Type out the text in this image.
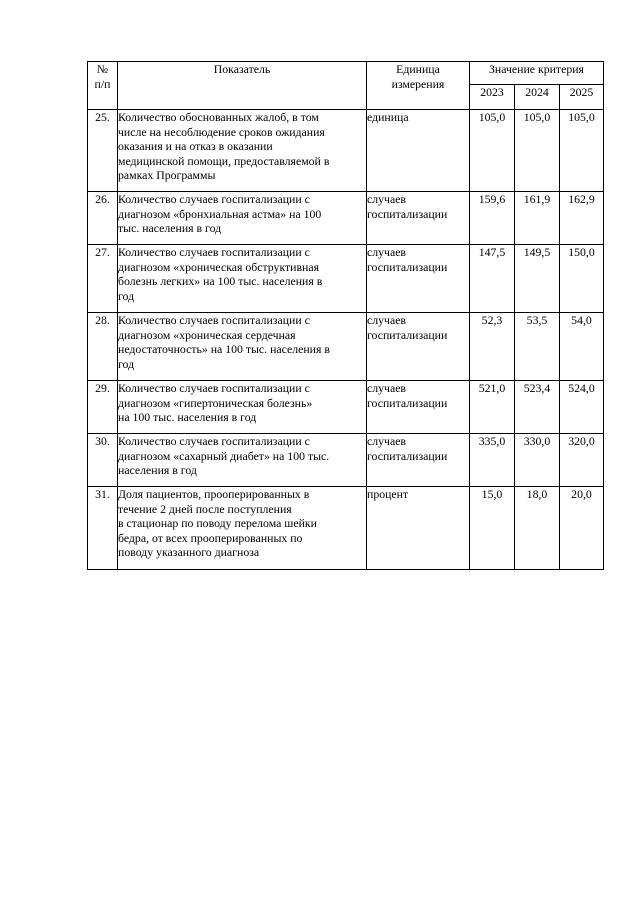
№
п/п	Показатель	Единица
измерения	Значение критерия		
			2023	2024	2025
25.	Количество обоснованных жалоб, в том
числе на несоблюдение сроков ожидания
оказания и на отказ в оказании
медицинской помощи, предоставляемой в
рамках Программы	единица	105,0	105,0	105,0
26.	Количество случаев госпитализации с
диагнозом «бронхиальная астма» на 100
тыс. населения в год	случаев
госпитализации	159,6	161,9	162,9
27.	Количество случаев госпитализации с
диагнозом «хроническая обструктивная
болезнь легких» на 100 тыс. населения в
год	случаев
госпитализации	147,5	149,5	150,0
28.	Количество случаев госпитализации с
диагнозом «хроническая сердечная
недостаточность» на 100 тыс. населения в
год	случаев
госпитализации	52,3	53,5	54,0
29.	Количество случаев госпитализации с
диагнозом «гипертоническая болезнь»
на 100 тыс. населения в год	случаев
госпитализации	521,0	523,4	524,0
30.	Количество случаев госпитализации с
диагнозом «сахарный диабет» на 100 тыс.
населения в год	случаев
госпитализации	335,0	330,0	320,0
31.	Доля пациентов, прооперированных в
течение 2 дней после поступления
в стационар по поводу перелома шейки
бедра, от всех прооперированных по
поводу указанного диагноза	процент	15,0	18,0	20,0
